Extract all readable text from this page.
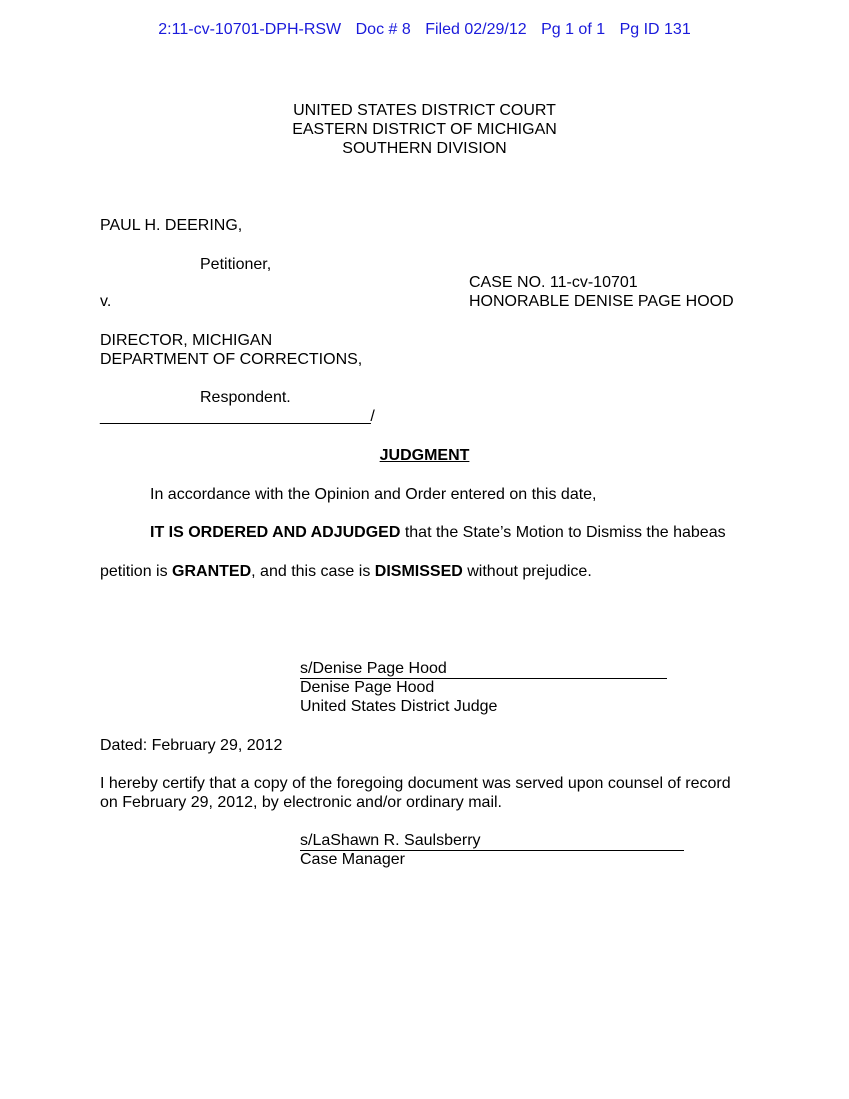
2:11-cv-10701-DPH-RSW Doc # 8 Filed 02/29/12 Pg 1 of 1 Pg ID 131
UNITED STATES DISTRICT COURT
EASTERN DISTRICT OF MICHIGAN
SOUTHERN DIVISION
PAUL H. DEERING,
Petitioner,
CASE NO. 11-cv-10701
v.	HONORABLE DENISE PAGE HOOD
DIRECTOR, MICHIGAN
DEPARTMENT OF CORRECTIONS,
Respondent.
________________________________/
JUDGMENT
In accordance with the Opinion and Order entered on this date,
IT IS ORDERED AND ADJUDGED that the State’s Motion to Dismiss the habeas
petition is GRANTED, and this case is DISMISSED without prejudice.
s/Denise Page Hood
Denise Page Hood
United States District Judge
Dated: February 29, 2012
I hereby certify that a copy of the foregoing document was served upon counsel of record
on February 29, 2012, by electronic and/or ordinary mail.
s/LaShawn R. Saulsberry
Case Manager
